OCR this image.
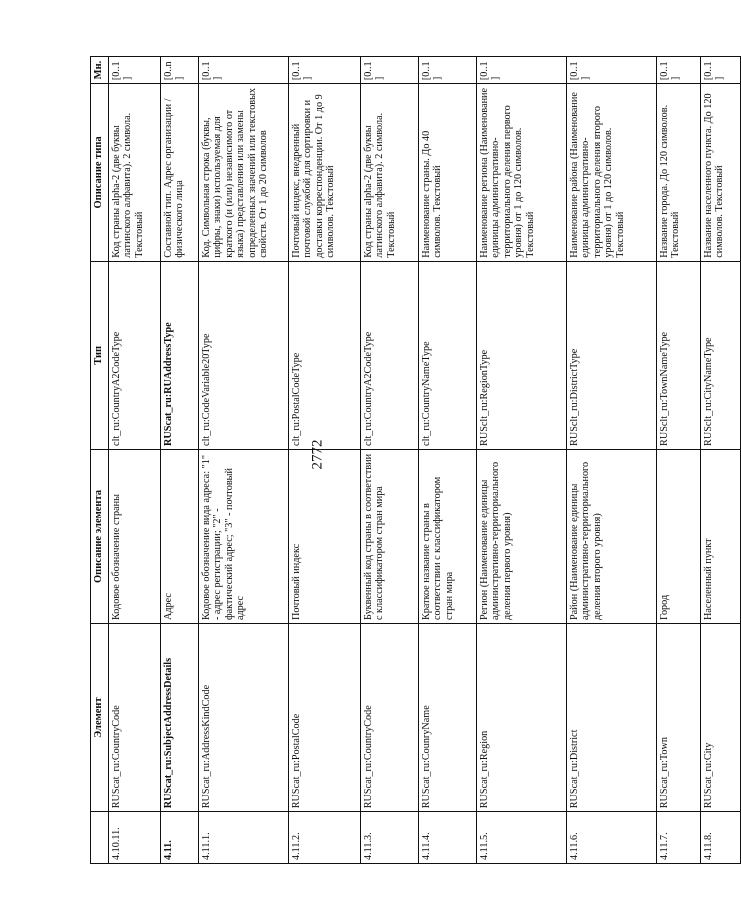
2772
	Элемент	Описание элемента	Тип	Описание типа	Мн.
4.10.11.	RUScat_ru:CountryCode	Кодовое обозначение страны	clt_ru:CountryA2CodeType	Код страны alpha-2 (две буквы латинского алфавита). 2 символа. Текстовый	[0..1]
4.11.	RUScat_ru:SubjectAddressDetails	Адрес	RUScat_ru:RUAddressType	Составной тип. Адрес организации / физического лица	[0..n]
4.11.1.	RUScat_ru:AddressKindCode	Кодовое обозначение вида адреса: "1" - адрес регистрации; "2" - фактический адрес; "3" - почтовый адрес	clt_ru:CodeVariable20Type	Код. Символьная строка (буквы, цифры, знаки) используемая для краткого (и (или) независимого от языка) представления или замены определенных значений или текстовых свойств. От 1 до 20 символов	[0..1]
4.11.2.	RUScat_ru:PostalCode	Почтовый индекс	clt_ru:PostalCodeType	Почтовый индекс, внедренный почтовой службой для сортировки и доставки корреспонденции. От 1 до 9 символов. Текстовый	[0..1]
4.11.3.	RUScat_ru:CountryCode	Буквенный код страны в соответствии с классификатором стран мира	clt_ru:CountryA2CodeType	Код страны alpha-2 (две буквы латинского алфавита). 2 символа. Текстовый	[0..1]
4.11.4.	RUScat_ru:CounryName	Краткое название страны в соответствии с классификатором стран мира	clt_ru:CountryNameType	Наименование страны. До 40 символов. Текстовый	[0..1]
4.11.5.	RUScat_ru:Region	Регион (Наименование единицы административно-территориального деления первого уровня)	RUSclt_ru:RegionType	Наименование региона (Наименование единицы административно-территориального деления первого уровня) от 1 до 120 символов. Текстовый	[0..1]
4.11.6.	RUScat_ru:District	Район (Наименование единицы административно-территориального деления второго уровня)	RUSclt_ru:DistrictType	Наименование района (Наименование единицы административно-территориального деления второго уровня) от 1 до 120 символов. Текстовый	[0..1]
4.11.7.	RUScat_ru:Town	Город	RUSclt_ru:TownNameType	Название города. До 120 символов. Текстовый	[0..1]
4.11.8.	RUScat_ru:City	Населенный пункт	RUSclt_ru:CityNameType	Название населенного пункта. До 120 символов. Текстовый	[0..1]
